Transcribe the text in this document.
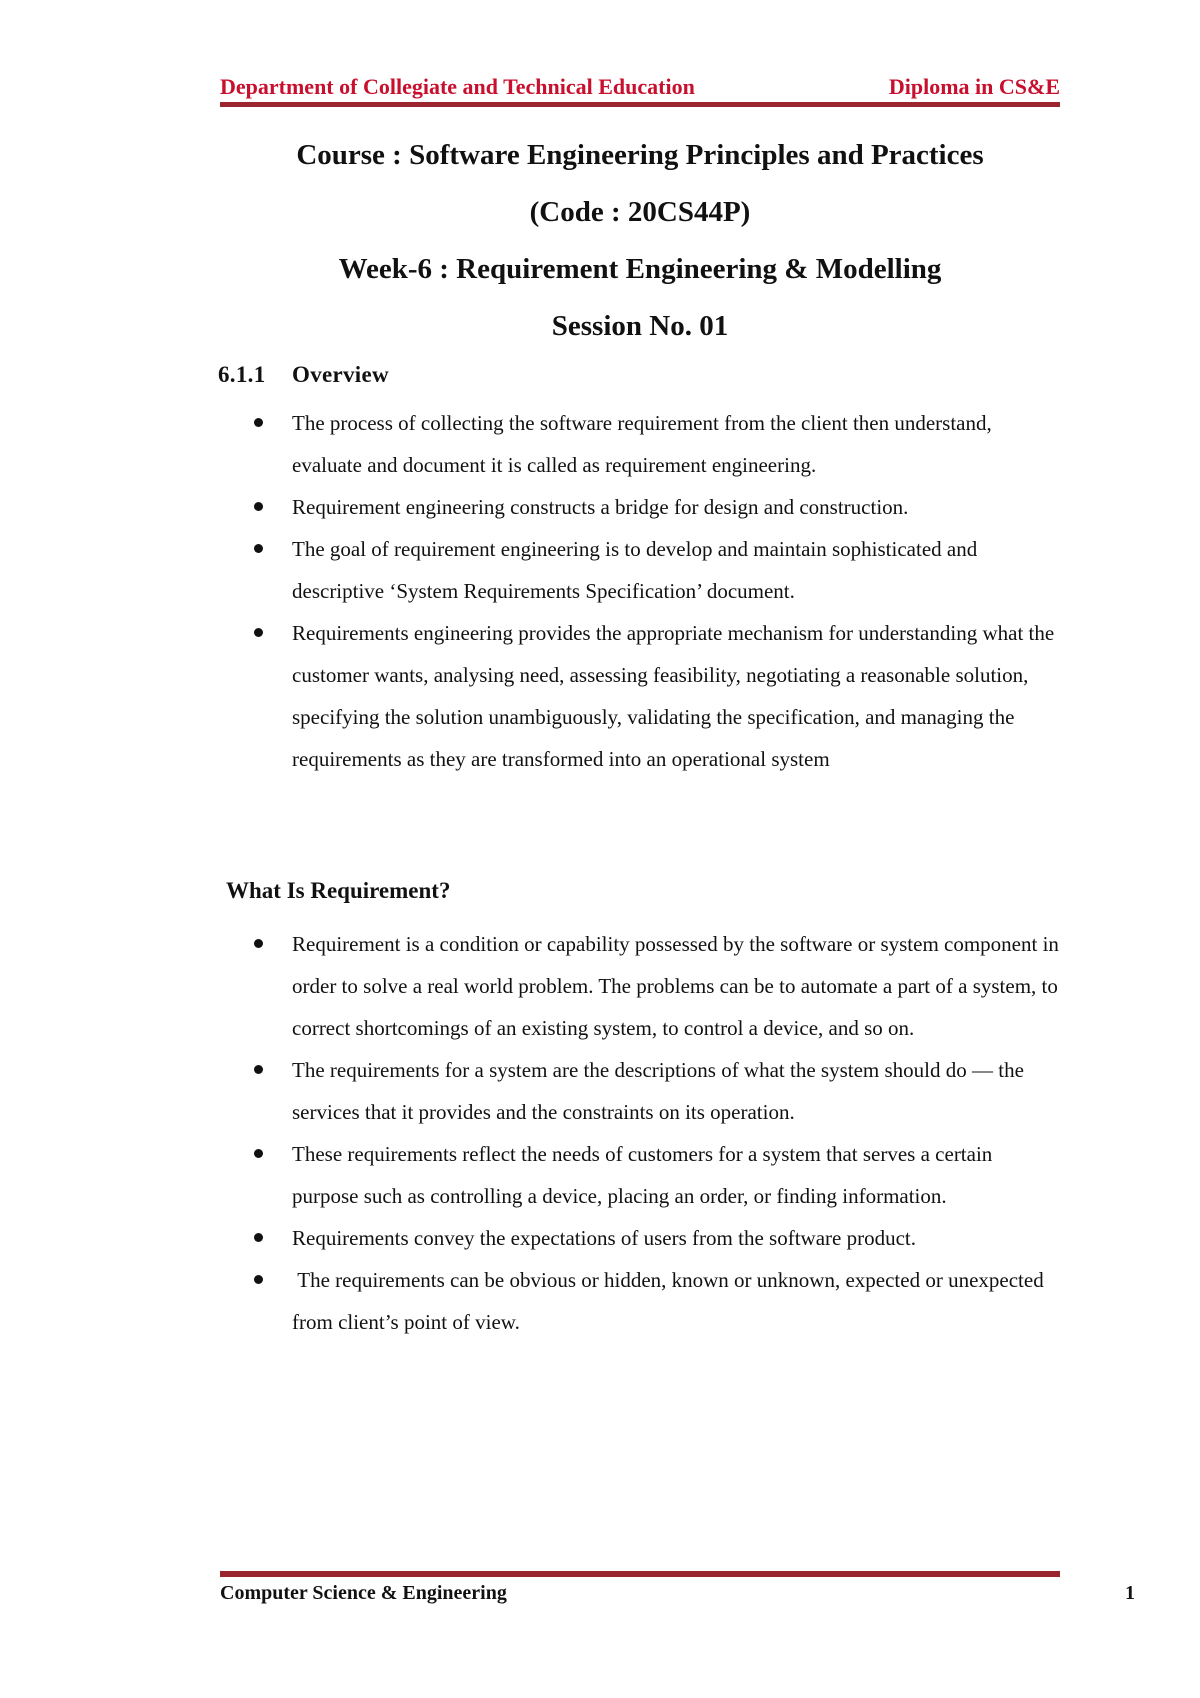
Department of Collegiate and Technical Education	Diploma in CS&E
Course : Software Engineering Principles and Practices
(Code : 20CS44P)
Week-6 : Requirement Engineering & Modelling
Session No. 01
6.1.1 Overview
The process of collecting the software requirement from the client then understand, evaluate and document it is called as requirement engineering.
Requirement engineering constructs a bridge for design and construction.
The goal of requirement engineering is to develop and maintain sophisticated and descriptive ‘System Requirements Specification’ document.
Requirements engineering provides the appropriate mechanism for understanding what the customer wants, analysing need, assessing feasibility, negotiating a reasonable solution, specifying the solution unambiguously, validating the specification, and managing the requirements as they are transformed into an operational system
What Is Requirement?
Requirement is a condition or capability possessed by the software or system component in order to solve a real world problem. The problems can be to automate a part of a system, to correct shortcomings of an existing system, to control a device, and so on.
The requirements for a system are the descriptions of what the system should do — the services that it provides and the constraints on its operation.
These requirements reflect the needs of customers for a system that serves a certain purpose such as controlling a device, placing an order, or finding information.
Requirements convey the expectations of users from the software product.
The requirements can be obvious or hidden, known or unknown, expected or unexpected from client’s point of view.
Computer Science & Engineering	1
